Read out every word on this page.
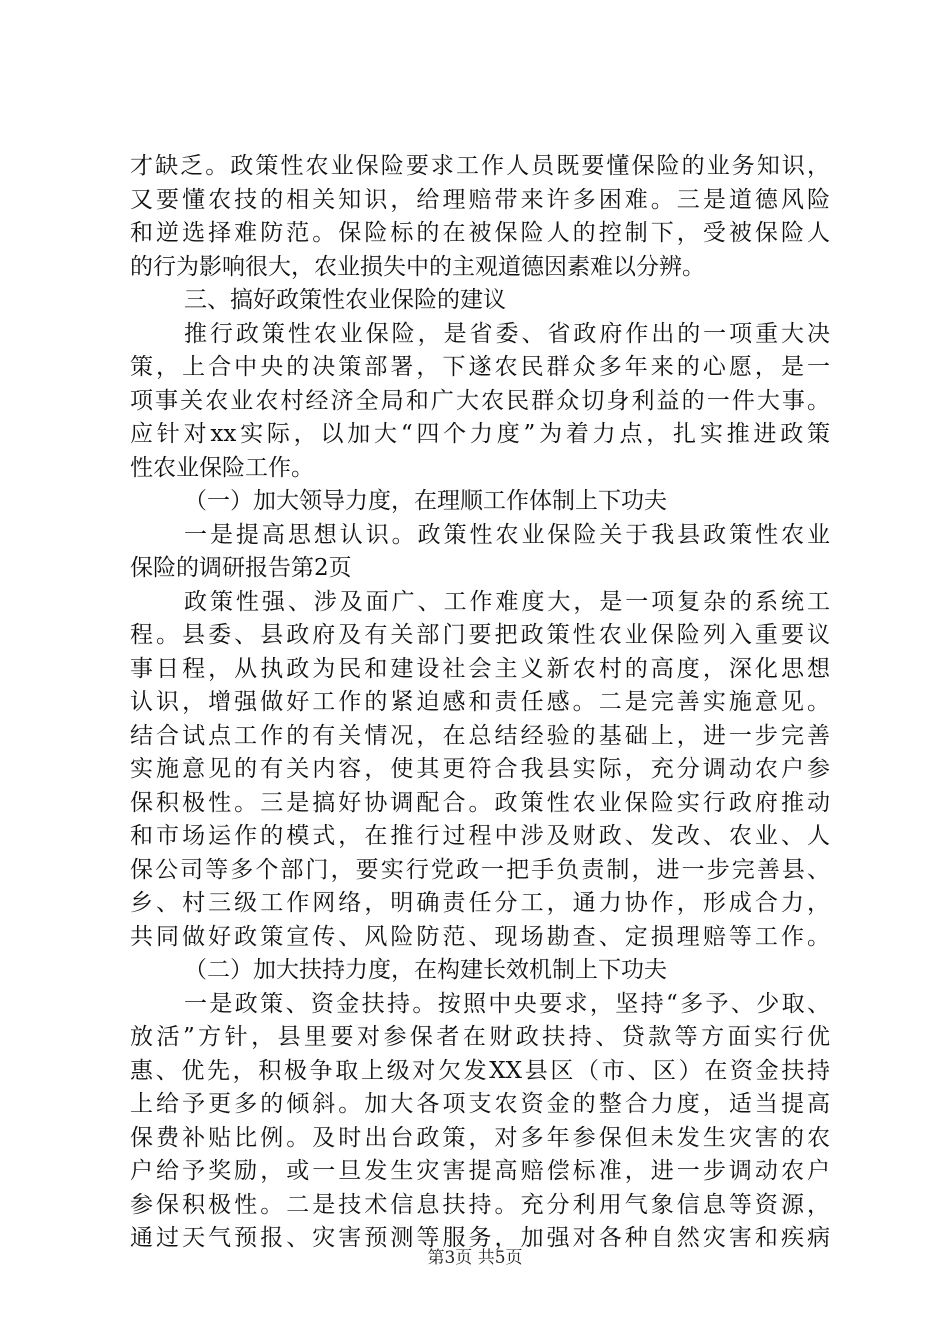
才缺乏。政策性农业保险要求工作人员既要懂保险的业务知识，
又要懂农技的相关知识，给理赔带来许多困难。三是道德风险
和逆选择难防范。保险标的在被保险人的控制下，受被保险人
的行为影响很大，农业损失中的主观道德因素难以分辨。
三、搞好政策性农业保险的建议
推行政策性农业保险，是省委、省政府作出的一项重大决
策，上合中央的决策部署，下遂农民群众多年来的心愿，是一
项事关农业农村经济全局和广大农民群众切身利益的一件大事。
应针对xx实际，以加大“四个力度”为着力点，扎实推进政策
性农业保险工作。
（一）加大领导力度，在理顺工作体制上下功夫
一是提高思想认识。政策性农业保险关于我县政策性农业
保险的调研报告第2页
政策性强、涉及面广、工作难度大，是一项复杂的系统工
程。县委、县政府及有关部门要把政策性农业保险列入重要议
事日程，从执政为民和建设社会主义新农村的高度，深化思想
认识，增强做好工作的紧迫感和责任感。二是完善实施意见。
结合试点工作的有关情况，在总结经验的基础上，进一步完善
实施意见的有关内容，使其更符合我县实际，充分调动农户参
保积极性。三是搞好协调配合。政策性农业保险实行政府推动
和市场运作的模式，在推行过程中涉及财政、发改、农业、人
保公司等多个部门，要实行党政一把手负责制，进一步完善县、
乡、村三级工作网络，明确责任分工，通力协作，形成合力，
共同做好政策宣传、风险防范、现场勘查、定损理赔等工作。
（二）加大扶持力度，在构建长效机制上下功夫
一是政策、资金扶持。按照中央要求，坚持“多予、少取、
放活”方针，县里要对参保者在财政扶持、贷款等方面实行优
惠、优先，积极争取上级对欠发XX县区（市、区）在资金扶持
上给予更多的倾斜。加大各项支农资金的整合力度，适当提高
保费补贴比例。及时出台政策，对多年参保但未发生灾害的农
户给予奖励，或一旦发生灾害提高赔偿标准，进一步调动农户
参保积极性。二是技术信息扶持。充分利用气象信息等资源，
通过天气预报、灾害预测等服务，加强对各种自然灾害和疾病
第3页 共5页
